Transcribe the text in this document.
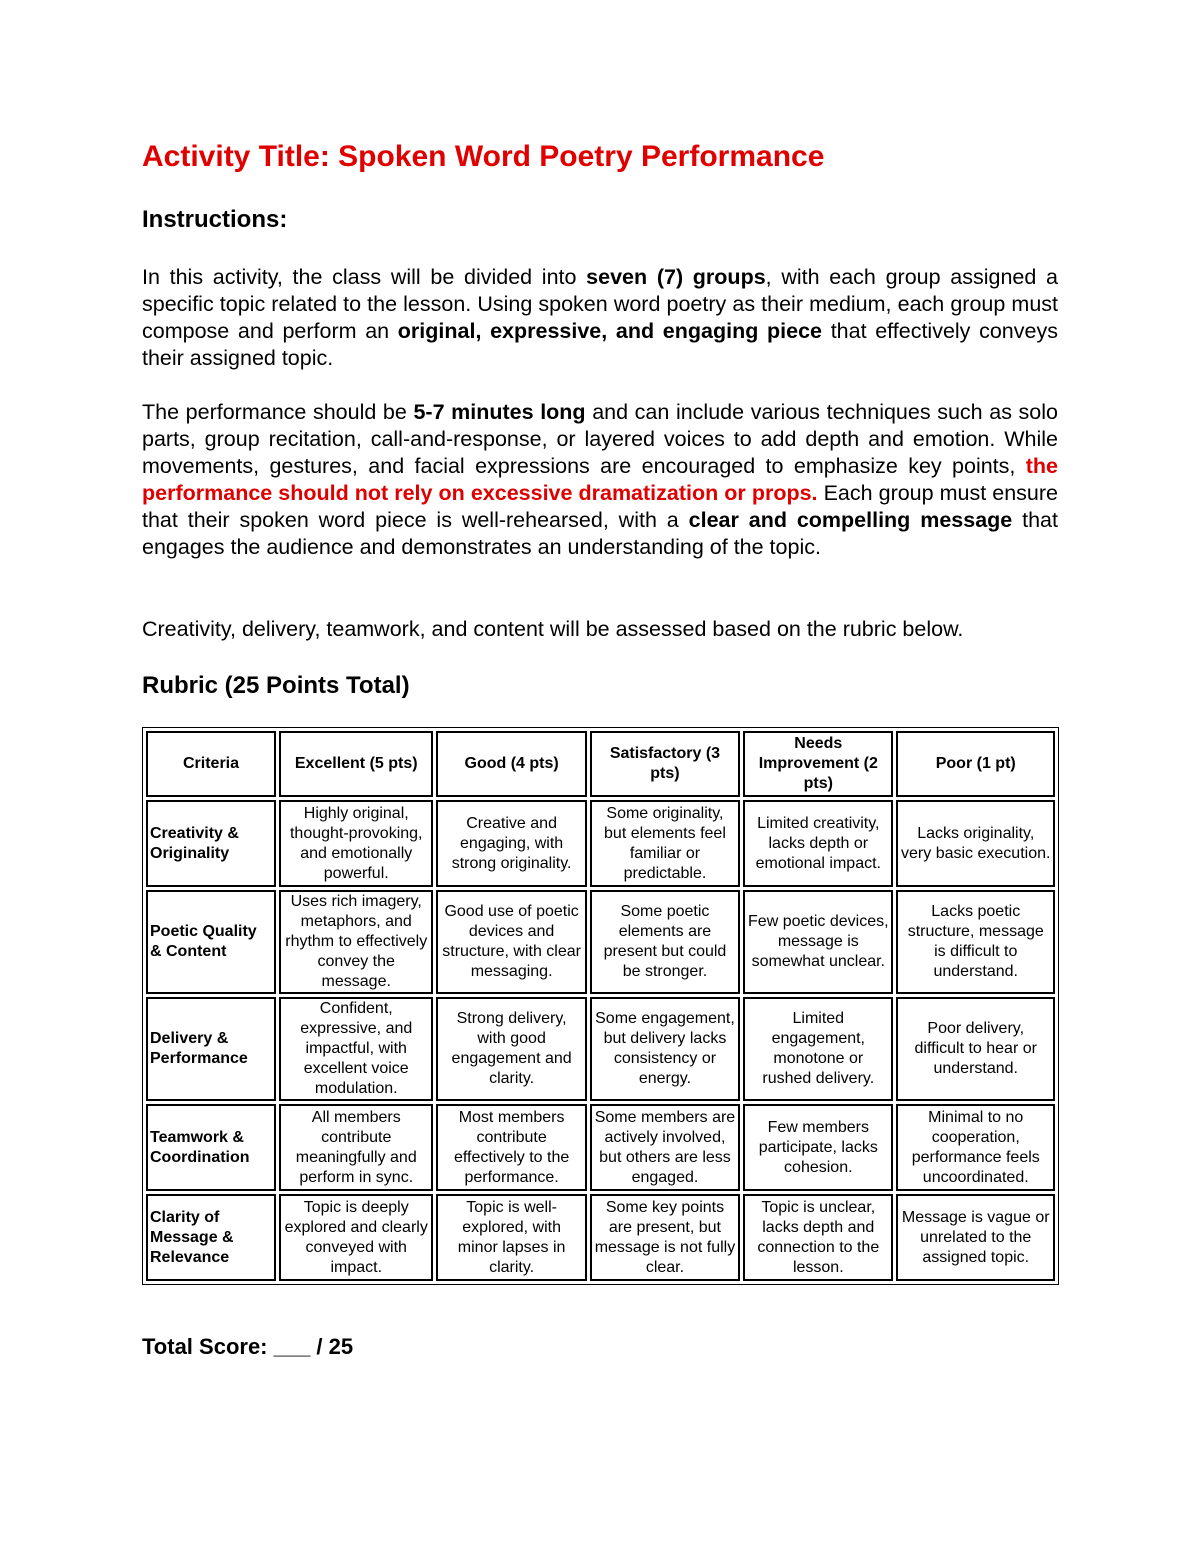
Activity Title: Spoken Word Poetry Performance
Instructions:

In this activity, the class will be divided into seven (7) groups, with each group assigned a specific topic related to the lesson. Using spoken word poetry as their medium, each group must compose and perform an original, expressive, and engaging piece that effectively conveys their assigned topic.

The performance should be 5-7 minutes long and can include various techniques such as solo parts, group recitation, call-and-response, or layered voices to add depth and emotion. While movements, gestures, and facial expressions are encouraged to emphasize key points, the performance should not rely on excessive dramatization or props. Each group must ensure that their spoken word piece is well-rehearsed, with a clear and compelling message that engages the audience and demonstrates an understanding of the topic.

Creativity, delivery, teamwork, and content will be assessed based on the rubric below.

Rubric (25 Points Total)
Criteria	Excellent (5 pts)	Good (4 pts)	Satisfactory (3 pts)	Needs Improvement (2 pts)	Poor (1 pt)
Creativity & Originality	Highly original, thought-provoking, and emotionally powerful.	Creative and engaging, with strong originality.	Some originality, but elements feel familiar or predictable.	Limited creativity, lacks depth or emotional impact.	Lacks originality, very basic execution.
Poetic Quality & Content	Uses rich imagery, metaphors, and rhythm to effectively convey the message.	Good use of poetic devices and structure, with clear messaging.	Some poetic elements are present but could be stronger.	Few poetic devices, message is somewhat unclear.	Lacks poetic structure, message is difficult to understand.
Delivery & Performance	Confident, expressive, and impactful, with excellent voice modulation.	Strong delivery, with good engagement and clarity.	Some engagement, but delivery lacks consistency or energy.	Limited engagement, monotone or rushed delivery.	Poor delivery, difficult to hear or understand.
Teamwork & Coordination	All members contribute meaningfully and perform in sync.	Most members contribute effectively to the performance.	Some members are actively involved, but others are less engaged.	Few members participate, lacks cohesion.	Minimal to no cooperation, performance feels uncoordinated.
Clarity of Message & Relevance	Topic is deeply explored and clearly conveyed with impact.	Topic is well-explored, with minor lapses in clarity.	Some key points are present, but message is not fully clear.	Topic is unclear, lacks depth and connection to the lesson.	Message is vague or unrelated to the assigned topic.

Total Score: ___ / 25
